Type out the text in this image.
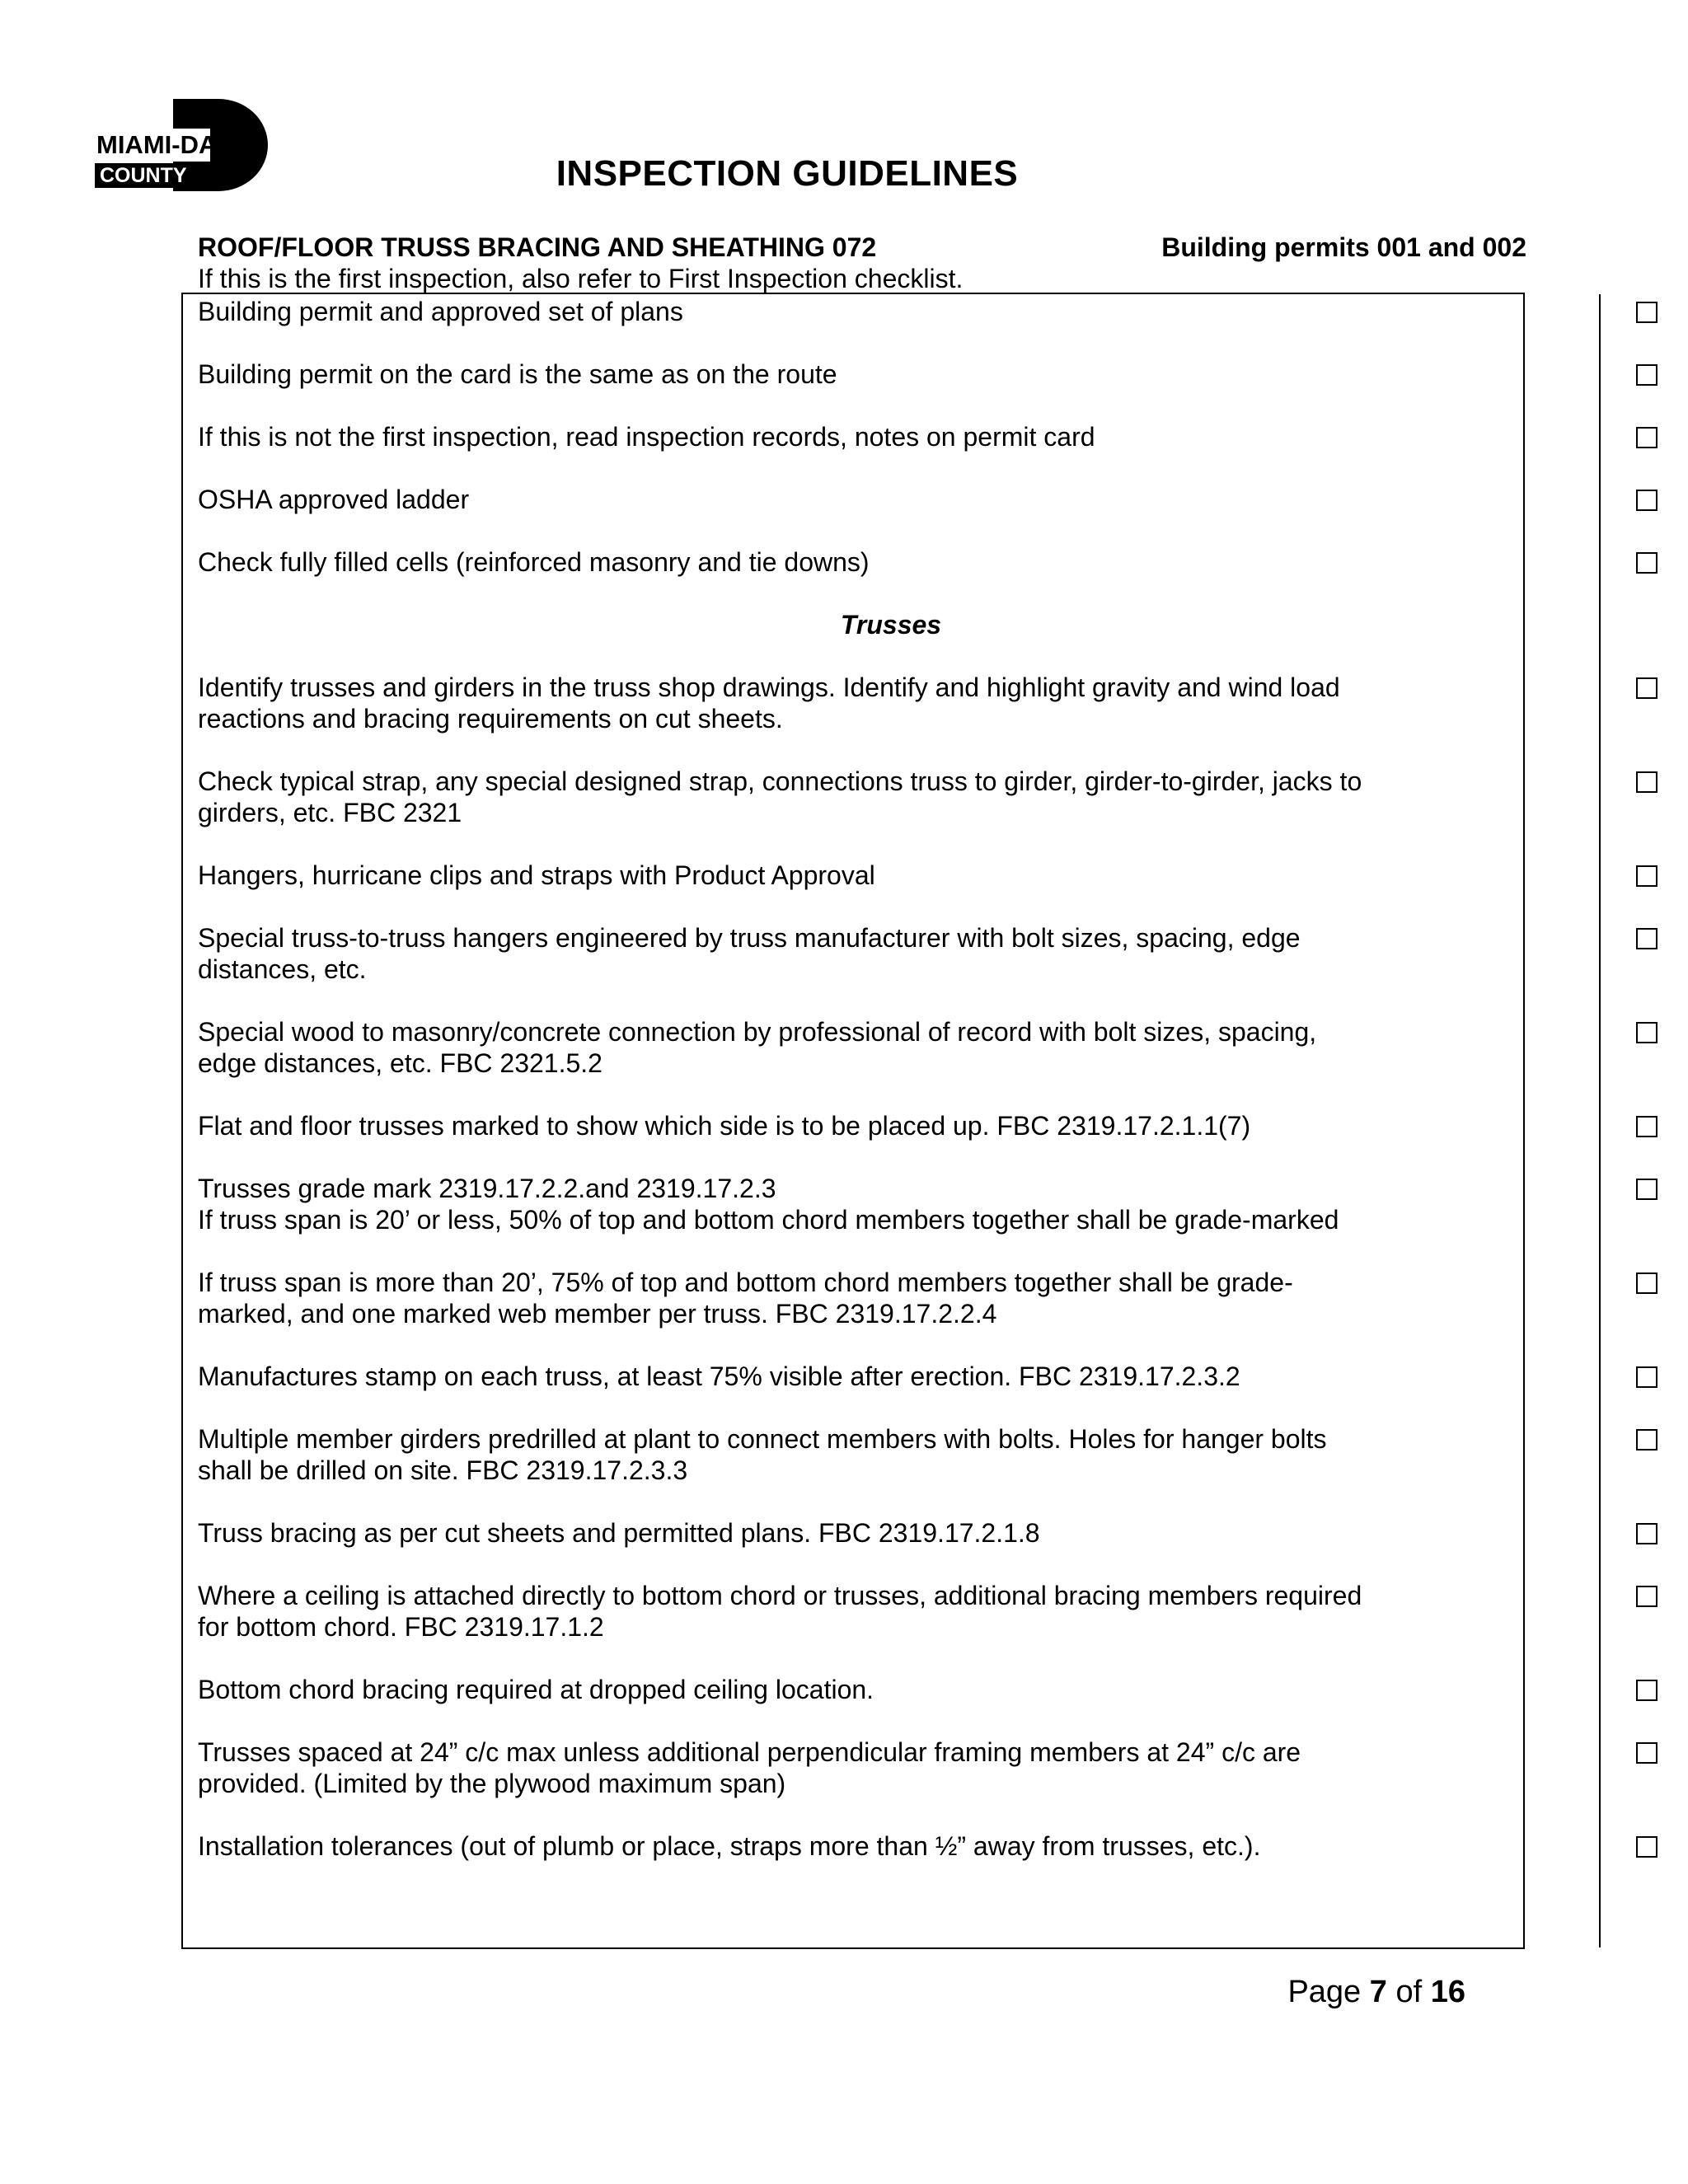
MIAMI-DADE
COUNTY	INSPECTION GUIDELINES
ROOF/FLOOR TRUSS BRACING AND SHEATHING 072	Building permits 001 and 002
If this is the first inspection, also refer to First Inspection checklist.
Building permit and approved set of plans
Building permit on the card is the same as on the route
If this is not the first inspection, read inspection records, notes on permit card
OSHA approved ladder
Check fully filled cells (reinforced masonry and tie downs)
Trusses
Identify trusses and girders in the truss shop drawings. Identify and highlight gravity and wind load
reactions and bracing requirements on cut sheets.
Check typical strap, any special designed strap, connections truss to girder, girder-to-girder, jacks to
girders, etc. FBC 2321
Hangers, hurricane clips and straps with Product Approval
Special truss-to-truss hangers engineered by truss manufacturer with bolt sizes, spacing, edge
distances, etc.
Special wood to masonry/concrete connection by professional of record with bolt sizes, spacing,
edge distances, etc. FBC 2321.5.2
Flat and floor trusses marked to show which side is to be placed up. FBC 2319.17.2.1.1(7)
Trusses grade mark 2319.17.2.2.and 2319.17.2.3
If truss span is 20’ or less, 50% of top and bottom chord members together shall be grade-marked
If truss span is more than 20’, 75% of top and bottom chord members together shall be grade-
marked, and one marked web member per truss. FBC 2319.17.2.2.4
Manufactures stamp on each truss, at least 75% visible after erection. FBC 2319.17.2.3.2
Multiple member girders predrilled at plant to connect members with bolts. Holes for hanger bolts
shall be drilled on site. FBC 2319.17.2.3.3
Truss bracing as per cut sheets and permitted plans. FBC 2319.17.2.1.8
Where a ceiling is attached directly to bottom chord or trusses, additional bracing members required
for bottom chord. FBC 2319.17.1.2
Bottom chord bracing required at dropped ceiling location.
Trusses spaced at 24” c/c max unless additional perpendicular framing members at 24” c/c are
provided. (Limited by the plywood maximum span)
Installation tolerances (out of plumb or place, straps more than ½” away from trusses, etc.).
Page 7 of 16
